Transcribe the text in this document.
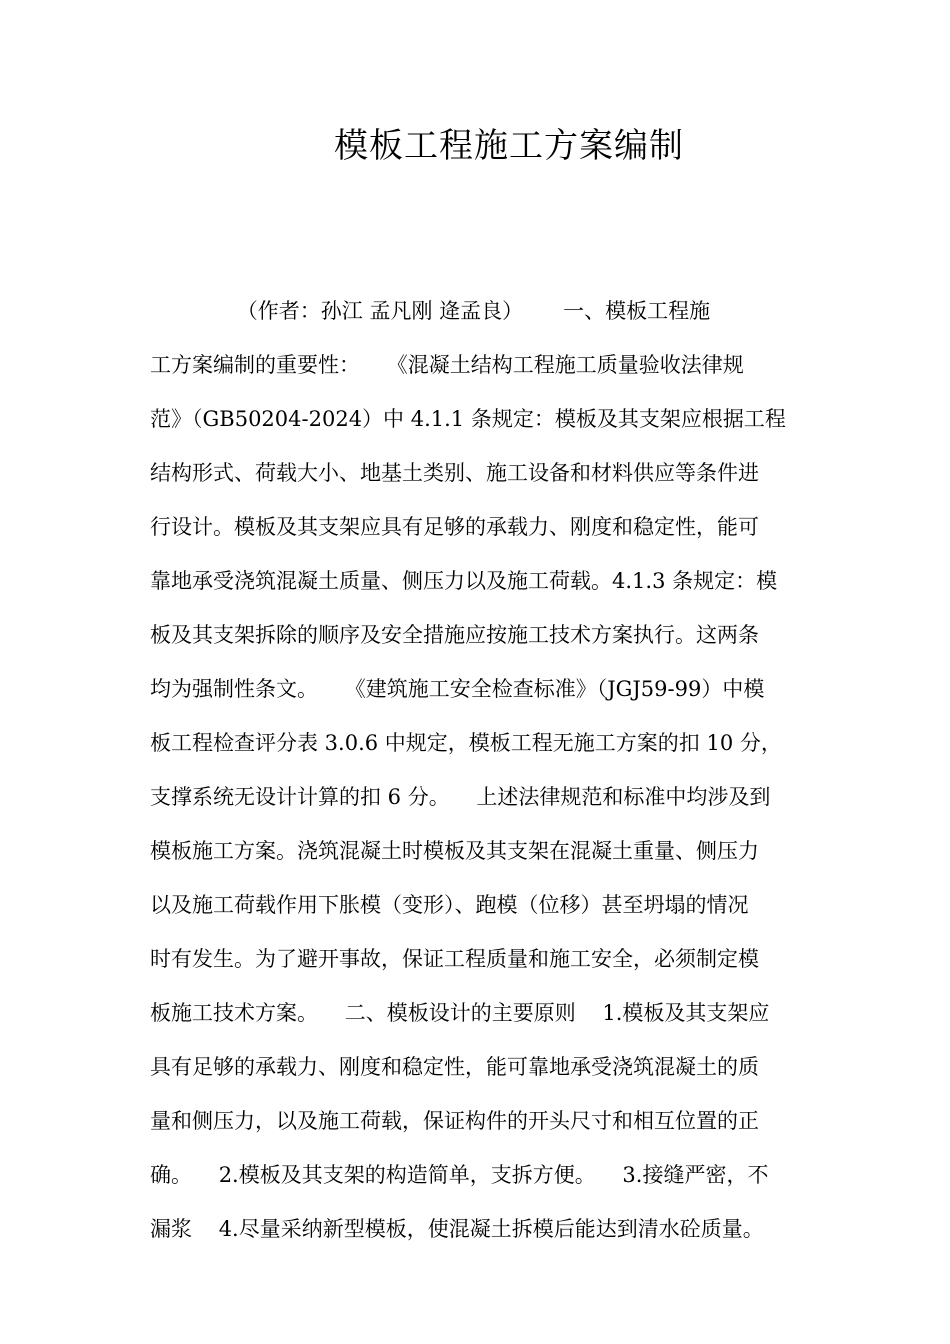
模板工程施工方案编制

（作者：孙江 孟凡刚 逄孟良）      一、模板工程施

工方案编制的重要性：    《混凝土结构工程施工质量验收法律规

范》（GB50204-2024）中 4.1.1 条规定：模板及其支架应根据工程

结构形式、荷载大小、地基土类别、施工设备和材料供应等条件进

行设计。模板及其支架应具有足够的承载力、刚度和稳定性，能可

靠地承受浇筑混凝土质量、侧压力以及施工荷载。4.1.3 条规定：模

板及其支架拆除的顺序及安全措施应按施工技术方案执行。这两条

均为强制性条文。    《建筑施工安全检查标准》（JGJ59-99）中模

板工程检查评分表 3.0.6 中规定，模板工程无施工方案的扣 10 分，

支撑系统无设计计算的扣 6 分。    上述法律规范和标准中均涉及到

模板施工方案。浇筑混凝土时模板及其支架在混凝土重量、侧压力

以及施工荷载作用下胀模（变形）、跑模（位移）甚至坍塌的情况

时有发生。为了避开事故，保证工程质量和施工安全，必须制定模

板施工技术方案。    二、模板设计的主要原则    1.模板及其支架应

具有足够的承载力、刚度和稳定性，能可靠地承受浇筑混凝土的质

量和侧压力，以及施工荷载，保证构件的开头尺寸和相互位置的正

确。    2.模板及其支架的构造简单，支拆方便。    3.接缝严密，不

漏浆    4.尽量采纳新型模板，使混凝土拆模后能达到清水砼质量。
